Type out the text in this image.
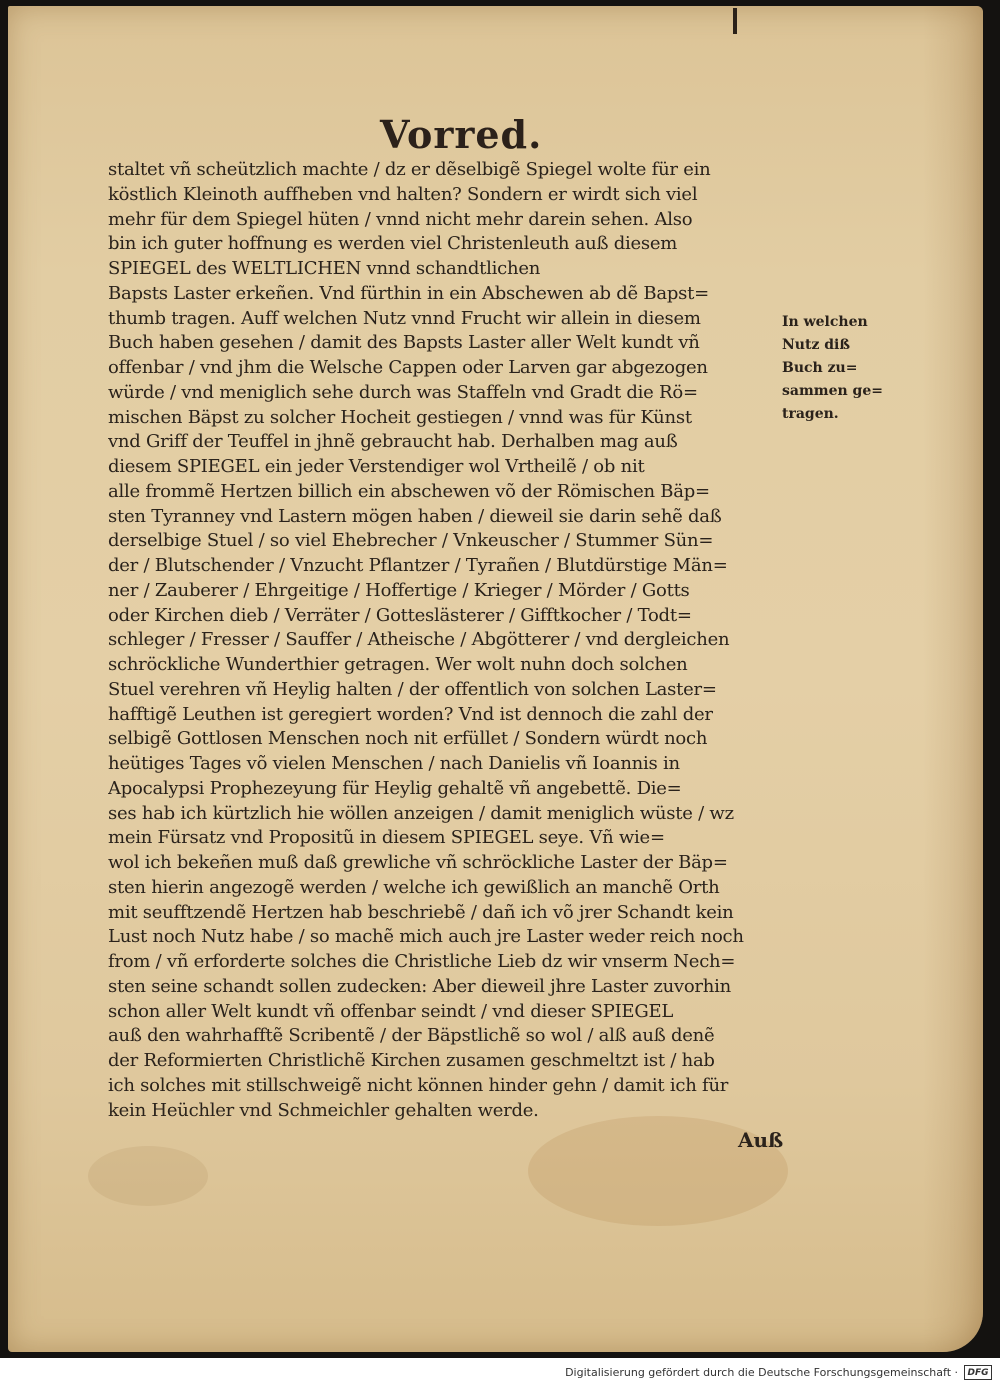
Vorred.
staltet vñ scheützlich machte / dz er dẽselbigẽ Spiegel wolte für ein
köstlich Kleinoth auffheben vnd halten? Sondern er wirdt sich viel
mehr für dem Spiegel hüten / vnnd nicht mehr darein sehen. Also
bin ich guter hoffnung es werden viel Christenleuth auß diesem
SPIEGEL des WELTLICHEN vnnd schandtlichen
Bapsts Laster erkeñen. Vnd fürthin in ein Abschewen ab dẽ Bapst=
thumb tragen. Auff welchen Nutz vnnd Frucht wir allein in diesem
Buch haben gesehen / damit des Bapsts Laster aller Welt kundt vñ
offenbar / vnd jhm die Welsche Cappen oder Larven gar abgezogen
würde / vnd meniglich sehe durch was Staffeln vnd Gradt die Rö=
mischen Bäpst zu solcher Hocheit gestiegen / vnnd was für Künst
vnd Griff der Teuffel in jhnẽ gebraucht hab. Derhalben mag auß
diesem SPIEGEL ein jeder Verstendiger wol Vrtheilẽ / ob nit
alle frommẽ Hertzen billich ein abschewen võ der Römischen Bäp=
sten Tyranney vnd Lastern mögen haben / dieweil sie darin sehẽ daß
derselbige Stuel / so viel Ehebrecher / Vnkeuscher / Stummer Sün=
der / Blutschender / Vnzucht Pflantzer / Tyrañen / Blutdürstige Män=
ner / Zauberer / Ehrgeitige / Hoffertige / Krieger / Mörder / Gotts
oder Kirchen dieb / Verräter / Gotteslästerer / Gifftkocher / Todt=
schleger / Fresser / Sauffer / Atheische / Abgötterer / vnd dergleichen
schröckliche Wunderthier getragen. Wer wolt nuhn doch solchen
Stuel verehren vñ Heylig halten / der offentlich von solchen Laster=
hafftigẽ Leuthen ist geregiert worden? Vnd ist dennoch die zahl der
selbigẽ Gottlosen Menschen noch nit erfüllet / Sondern würdt noch
heütiges Tages võ vielen Menschen / nach Danielis vñ Ioannis in
Apocalypsi Prophezeyung für Heylig gehaltẽ vñ angebettẽ. Die=
ses hab ich kürtzlich hie wöllen anzeigen / damit meniglich wüste / wz
mein Fürsatz vnd Propositũ in diesem SPIEGEL seye. Vñ wie=
wol ich bekeñen muß daß grewliche vñ schröckliche Laster der Bäp=
sten hierin angezogẽ werden / welche ich gewißlich an manchẽ Orth
mit seufftzendẽ Hertzen hab beschriebẽ / dañ ich võ jrer Schandt kein
Lust noch Nutz habe / so machẽ mich auch jre Laster weder reich noch
from / vñ erforderte solches die Christliche Lieb dz wir vnserm Nech=
sten seine schandt sollen zudecken: Aber dieweil jhre Laster zuvorhin
schon aller Welt kundt vñ offenbar seindt / vnd dieser SPIEGEL
auß den wahrhafftẽ Scribentẽ / der Bäpstlichẽ so wol / alß auß denẽ
der Reformierten Christlichẽ Kirchen zusamen geschmeltzt ist / hab
ich solches mit stillschweigẽ nicht können hinder gehn / damit ich für
kein Heüchler vnd Schmeichler gehalten werde.
In welchen
Nutz diß
Buch zu=
sammen ge=
tragen.
Auß
Digitalisierung gefördert durch die Deutsche Forschungsgemeinschaft ·	DFG
